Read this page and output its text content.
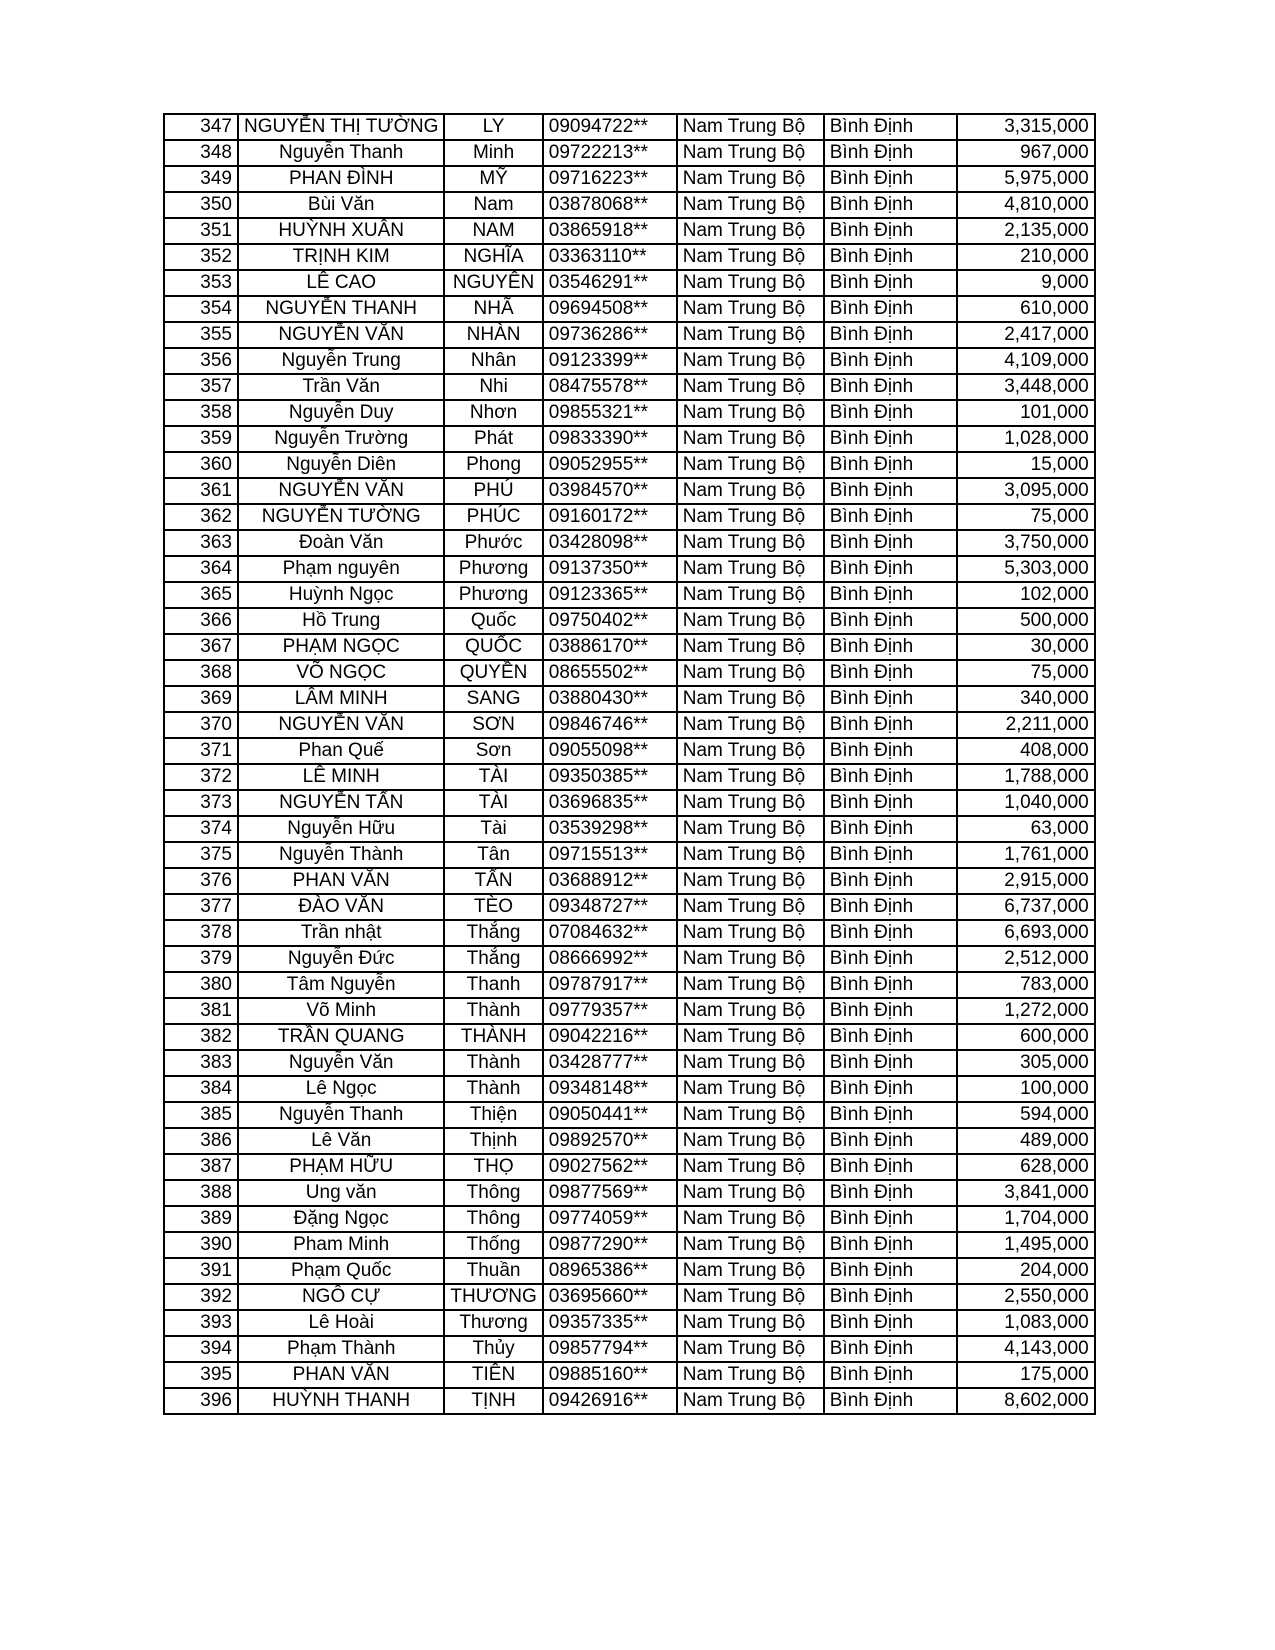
347	NGUYỄN THỊ TƯỜNG	LY	09094722**	Nam Trung Bộ	Bình Định	3,315,000
348	Nguyễn Thanh	Minh	09722213**	Nam Trung Bộ	Bình Định	967,000
349	PHAN ĐÌNH	MỸ	09716223**	Nam Trung Bộ	Bình Định	5,975,000
350	Bùi Văn	Nam	03878068**	Nam Trung Bộ	Bình Định	4,810,000
351	HUỲNH XUÂN	NAM	03865918**	Nam Trung Bộ	Bình Định	2,135,000
352	TRỊNH KIM	NGHĨA	03363110**	Nam Trung Bộ	Bình Định	210,000
353	LÊ CAO	NGUYÊN	03546291**	Nam Trung Bộ	Bình Định	9,000
354	NGUYỄN THANH	NHÃ	09694508**	Nam Trung Bộ	Bình Định	610,000
355	NGUYỄN VĂN	NHÀN	09736286**	Nam Trung Bộ	Bình Định	2,417,000
356	Nguyễn Trung	Nhân	09123399**	Nam Trung Bộ	Bình Định	4,109,000
357	Trần Văn	Nhi	08475578**	Nam Trung Bộ	Bình Định	3,448,000
358	Nguyễn Duy	Nhơn	09855321**	Nam Trung Bộ	Bình Định	101,000
359	Nguyễn Trường	Phát	09833390**	Nam Trung Bộ	Bình Định	1,028,000
360	Nguyễn Diên	Phong	09052955**	Nam Trung Bộ	Bình Định	15,000
361	NGUYỄN VĂN	PHÚ	03984570**	Nam Trung Bộ	Bình Định	3,095,000
362	NGUYỄN TƯỜNG	PHÚC	09160172**	Nam Trung Bộ	Bình Định	75,000
363	Đoàn Văn	Phước	03428098**	Nam Trung Bộ	Bình Định	3,750,000
364	Phạm nguyên	Phương	09137350**	Nam Trung Bộ	Bình Định	5,303,000
365	Huỳnh Ngọc	Phương	09123365**	Nam Trung Bộ	Bình Định	102,000
366	Hồ Trung	Quốc	09750402**	Nam Trung Bộ	Bình Định	500,000
367	PHẠM NGỌC	QUỐC	03886170**	Nam Trung Bộ	Bình Định	30,000
368	VÕ NGỌC	QUYỀN	08655502**	Nam Trung Bộ	Bình Định	75,000
369	LÂM MINH	SANG	03880430**	Nam Trung Bộ	Bình Định	340,000
370	NGUYỄN VĂN	SƠN	09846746**	Nam Trung Bộ	Bình Định	2,211,000
371	Phan Quế	Sơn	09055098**	Nam Trung Bộ	Bình Định	408,000
372	LÊ MINH	TÀI	09350385**	Nam Trung Bộ	Bình Định	1,788,000
373	NGUYỄN TẤN	TÀI	03696835**	Nam Trung Bộ	Bình Định	1,040,000
374	Nguyễn Hữu	Tài	03539298**	Nam Trung Bộ	Bình Định	63,000
375	Nguyễn Thành	Tân	09715513**	Nam Trung Bộ	Bình Định	1,761,000
376	PHAN VĂN	TẤN	03688912**	Nam Trung Bộ	Bình Định	2,915,000
377	ĐÀO VĂN	TÈO	09348727**	Nam Trung Bộ	Bình Định	6,737,000
378	Trần nhật	Thắng	07084632**	Nam Trung Bộ	Bình Định	6,693,000
379	Nguyễn Đức	Thắng	08666992**	Nam Trung Bộ	Bình Định	2,512,000
380	Tâm Nguyễn	Thanh	09787917**	Nam Trung Bộ	Bình Định	783,000
381	Võ Minh	Thành	09779357**	Nam Trung Bộ	Bình Định	1,272,000
382	TRẦN QUANG	THÀNH	09042216**	Nam Trung Bộ	Bình Định	600,000
383	Nguyễn Văn	Thành	03428777**	Nam Trung Bộ	Bình Định	305,000
384	Lê Ngọc	Thành	09348148**	Nam Trung Bộ	Bình Định	100,000
385	Nguyễn Thanh	Thiện	09050441**	Nam Trung Bộ	Bình Định	594,000
386	Lê Văn	Thịnh	09892570**	Nam Trung Bộ	Bình Định	489,000
387	PHẠM HỮU	THỌ	09027562**	Nam Trung Bộ	Bình Định	628,000
388	Ung văn	Thông	09877569**	Nam Trung Bộ	Bình Định	3,841,000
389	Đặng Ngọc	Thông	09774059**	Nam Trung Bộ	Bình Định	1,704,000
390	Pham Minh	Thống	09877290**	Nam Trung Bộ	Bình Định	1,495,000
391	Phạm Quốc	Thuần	08965386**	Nam Trung Bộ	Bình Định	204,000
392	NGÔ CỰ	THƯƠNG	03695660**	Nam Trung Bộ	Bình Định	2,550,000
393	Lê Hoài	Thương	09357335**	Nam Trung Bộ	Bình Định	1,083,000
394	Phạm Thành	Thủy	09857794**	Nam Trung Bộ	Bình Định	4,143,000
395	PHAN VĂN	TIÊN	09885160**	Nam Trung Bộ	Bình Định	175,000
396	HUỲNH THANH	TỊNH	09426916**	Nam Trung Bộ	Bình Định	8,602,000
